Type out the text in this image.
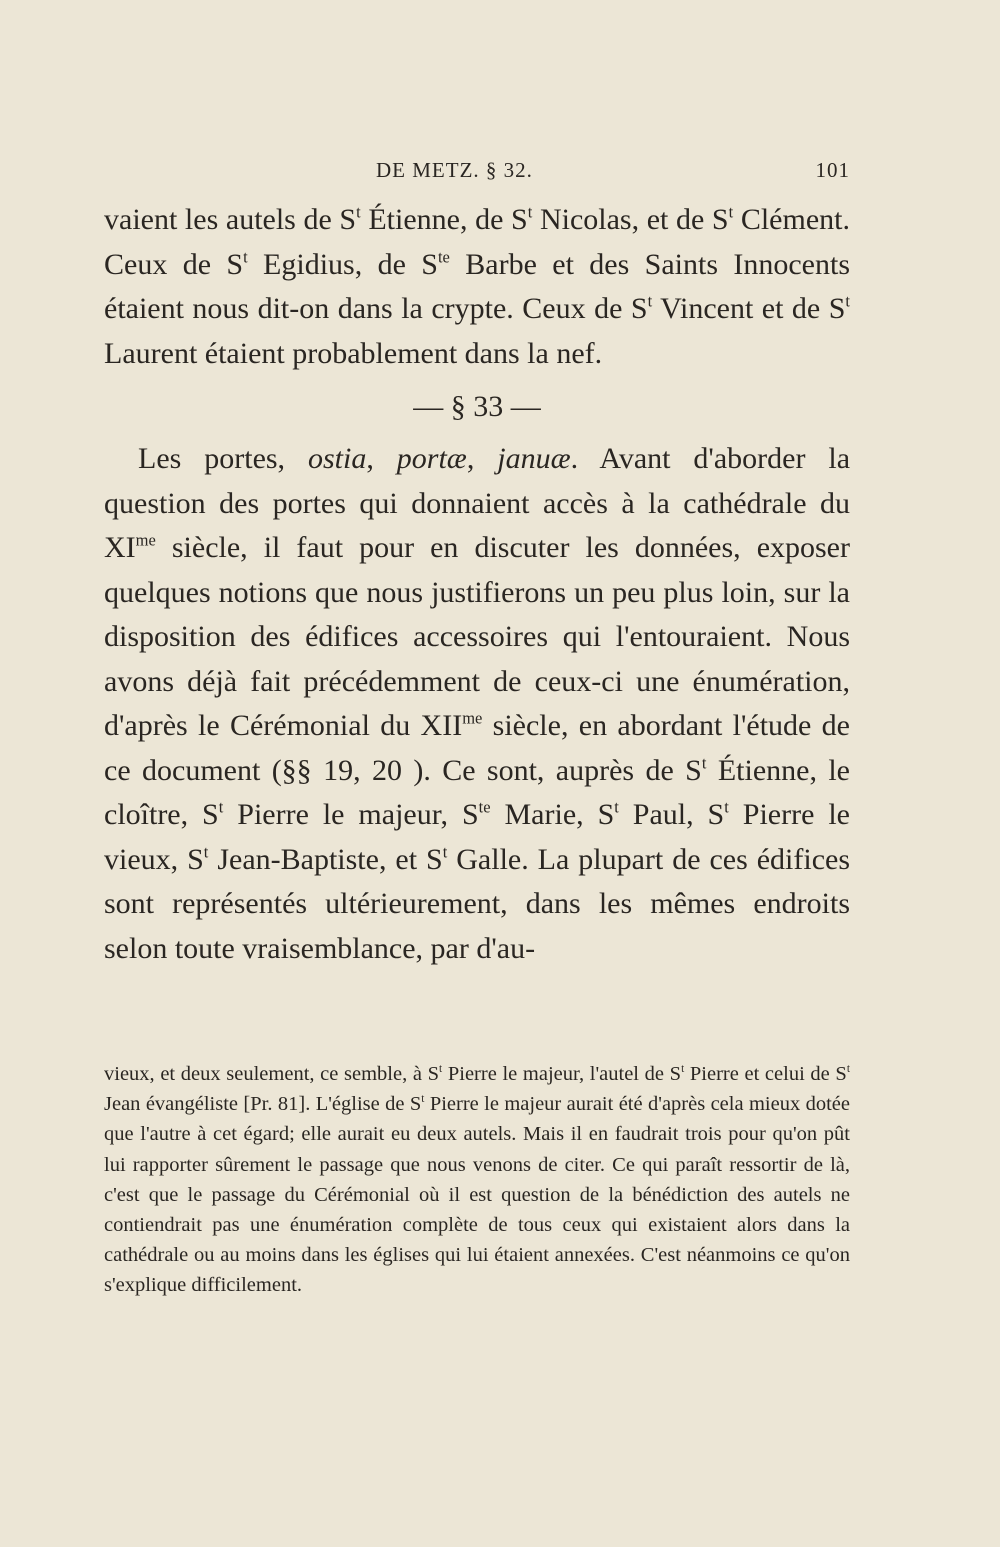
DE METZ. § 32.	101

vaient les autels de $S^t$ Étienne, de $S^t$ Nicolas, et de $S^t$ Clément. Ceux de $S^t$ Egidius, de $S^{te}$ Barbe et des Saints Innocents étaient nous dit-on dans la crypte. Ceux de $S^t$ Vincent et de $S^t$ Laurent étaient probablement dans la nef.

— § 33 —

Les portes, ostia, portæ, januæ. Avant d'aborder la question des portes qui donnaient accès à la cathédrale du $XI^{me}$ siècle, il faut pour en discuter les données, exposer quelques notions que nous justifierons un peu plus loin, sur la disposition des édifices accessoires qui l'entouraient. Nous avons déjà fait précédemment de ceux-ci une énumération, d'après le Cérémonial du $XII^{me}$ siècle, en abordant l'étude de ce document (§§ 19, 20 ). Ce sont, auprès de $S^t$ Étienne, le cloître, $S^t$ Pierre le majeur, $S^{te}$ Marie, $S^t$ Paul, $S^t$ Pierre le vieux, $S^t$ Jean-Baptiste, et $S^t$ Galle. La plupart de ces édifices sont représentés ultérieurement, dans les mêmes endroits selon toute vraisemblance, par d'au-

vieux, et deux seulement, ce semble, à $S^t$ Pierre le majeur, l'autel de $S^t$ Pierre et celui de $S^t$ Jean évangéliste [Pr. 81]. L'église de $S^t$ Pierre le majeur aurait été d'après cela mieux dotée que l'autre à cet égard; elle aurait eu deux autels. Mais il en faudrait trois pour qu'on pût lui rapporter sûrement le passage que nous venons de citer. Ce qui paraît ressortir de là, c'est que le passage du Cérémonial où il est question de la bénédiction des autels ne contiendrait pas une énumération complète de tous ceux qui existaient alors dans la cathédrale ou au moins dans les églises qui lui étaient annexées. C'est néanmoins ce qu'on s'explique difficilement.
